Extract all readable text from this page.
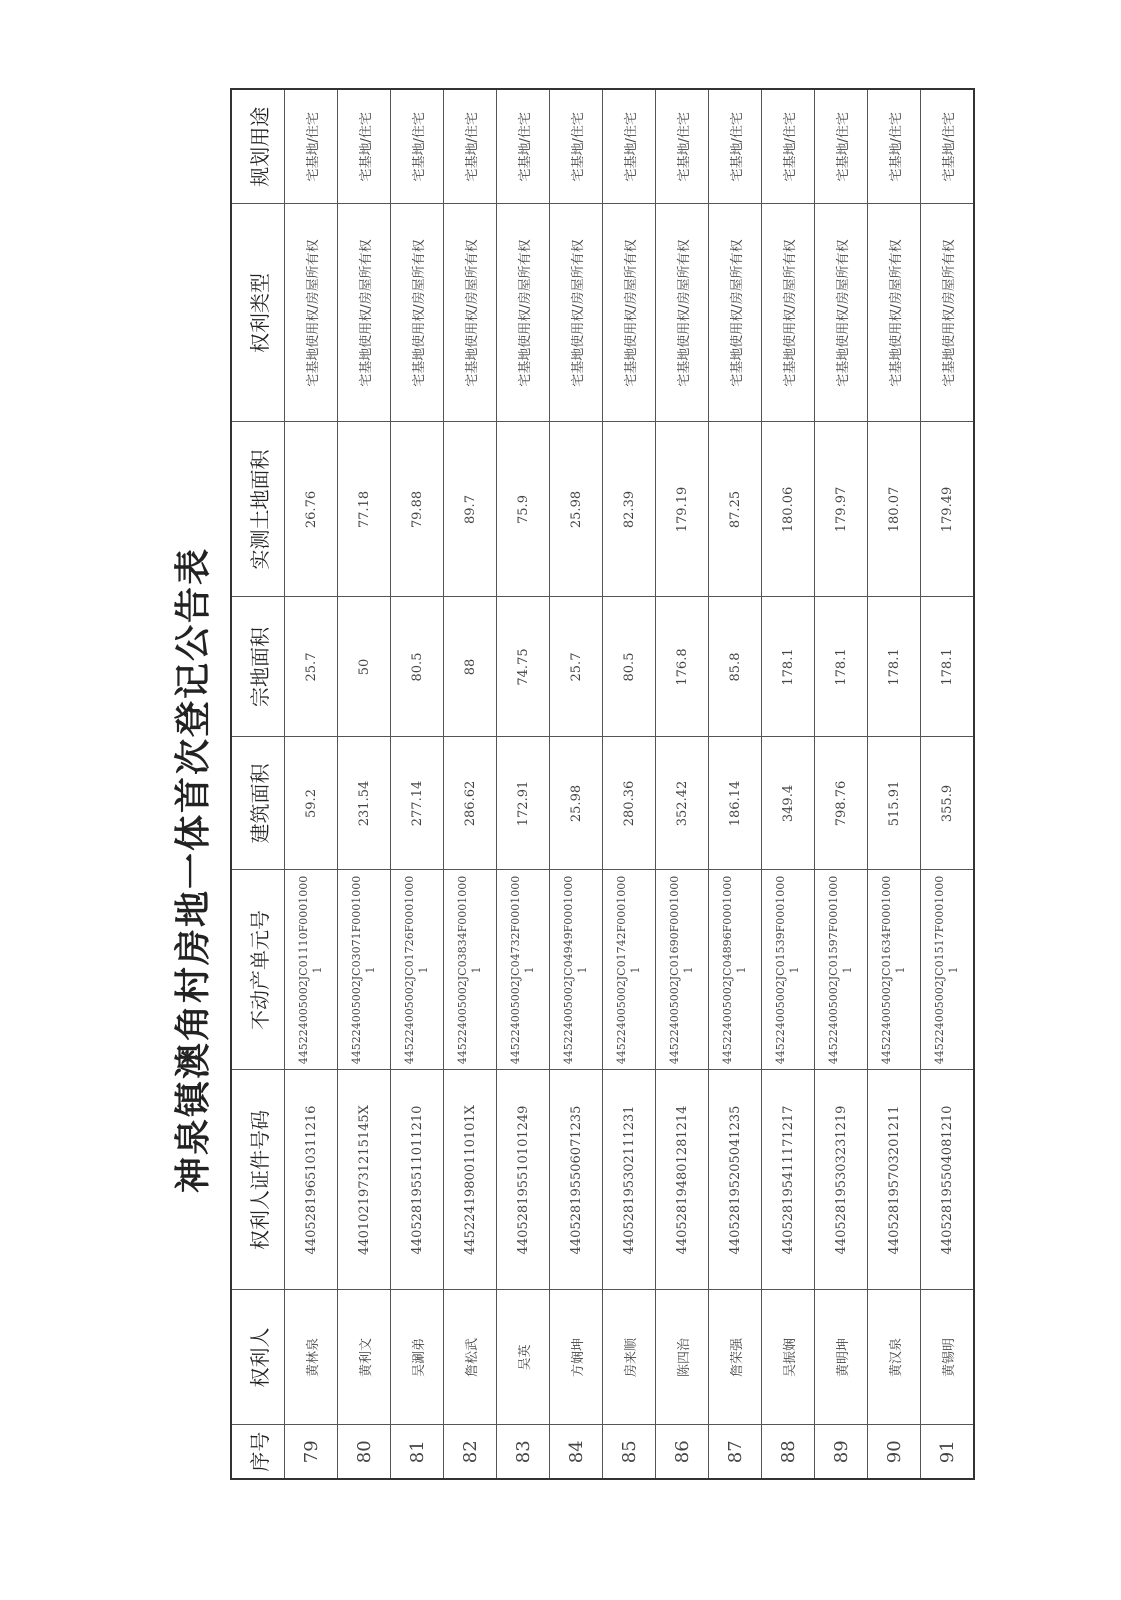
神泉镇澳角村房地一体首次登记公告表
序号	权利人	权利人证件号码	不动产单元号	建筑面积	宗地面积	实测土地面积	权利类型	规划用途
79	黄林泉	440528196510311216	445224005002JC01110F00010001	59.2	25.7	26.76	宅基地使用权/房屋所有权	宅基地/住宅
80	黄利文	44010219731215145X	445224005002JC03071F00010001	231.54	50	77.18	宅基地使用权/房屋所有权	宅基地/住宅
81	吴涮弟	440528195511011210	445224005002JC01726F00010001	277.14	80.5	79.88	宅基地使用权/房屋所有权	宅基地/住宅
82	詹松武	44522419800110101X	445224005002JC03834F00010001	286.62	88	89.7	宅基地使用权/房屋所有权	宅基地/住宅
83	吴英	440528195510101249	445224005002JC04732F00010001	172.91	74.75	75.9	宅基地使用权/房屋所有权	宅基地/住宅
84	方娴坤	440528195506071235	445224005002JC04949F00010001	25.98	25.7	25.98	宅基地使用权/房屋所有权	宅基地/住宅
85	房来顺	440528195302111231	445224005002JC01742F00010001	280.36	80.5	82.39	宅基地使用权/房屋所有权	宅基地/住宅
86	陈四治	440528194801281214	445224005002JC01690F00010001	352.42	176.8	179.19	宅基地使用权/房屋所有权	宅基地/住宅
87	詹荣强	440528195205041235	445224005002JC04896F00010001	186.14	85.8	87.25	宅基地使用权/房屋所有权	宅基地/住宅
88	吴振娴	440528195411171217	445224005002JC01539F00010001	349.4	178.1	180.06	宅基地使用权/房屋所有权	宅基地/住宅
89	黄明坤	440528195303231219	445224005002JC01597F00010001	798.76	178.1	179.97	宅基地使用权/房屋所有权	宅基地/住宅
90	黄汉泉	440528195703201211	445224005002JC01634F00010001	515.91	178.1	180.07	宅基地使用权/房屋所有权	宅基地/住宅
91	黄锡明	440528195504081210	445224005002JC01517F00010001	355.9	178.1	179.49	宅基地使用权/房屋所有权	宅基地/住宅
